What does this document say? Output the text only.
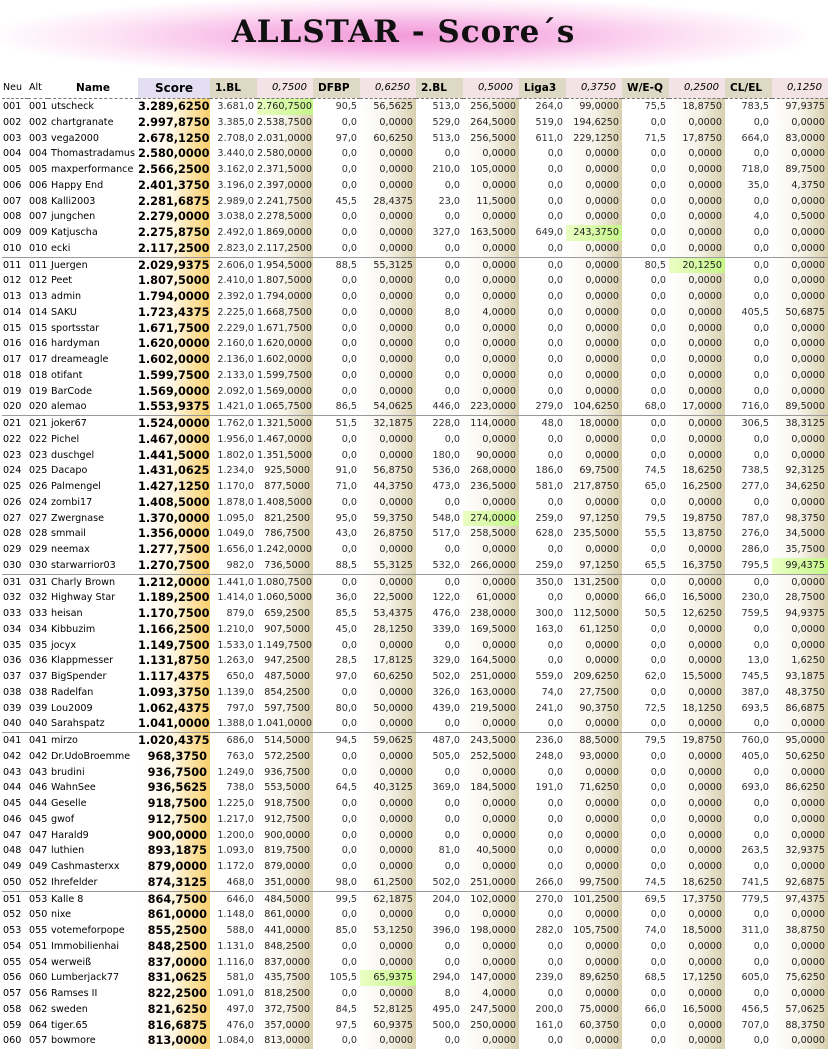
ALLSTAR - Score´s
Neu	Alt	Name	Score	1.BL	0,7500	DFBP	0,6250	2.BL	0,5000	Liga3	0,3750	W/E-Q	0,2500	CL/EL	0,1250
001	001	utscheck	3.289,6250	3.681,0	2.760,7500	90,5	56,5625	513,0	256,5000	264,0	99,0000	75,5	18,8750	783,5	97,9375
002	002	chartgranate	2.997,8750	3.385,0	2.538,7500	0,0	0,0000	529,0	264,5000	519,0	194,6250	0,0	0,0000	0,0	0,0000
003	003	vega2000	2.678,1250	2.708,0	2.031,0000	97,0	60,6250	513,0	256,5000	611,0	229,1250	71,5	17,8750	664,0	83,0000
004	004	Thomastradamus	2.580,0000	3.440,0	2.580,0000	0,0	0,0000	0,0	0,0000	0,0	0,0000	0,0	0,0000	0,0	0,0000
005	005	maxperformance	2.566,2500	3.162,0	2.371,5000	0,0	0,0000	210,0	105,0000	0,0	0,0000	0,0	0,0000	718,0	89,7500
006	006	Happy End	2.401,3750	3.196,0	2.397,0000	0,0	0,0000	0,0	0,0000	0,0	0,0000	0,0	0,0000	35,0	4,3750
007	008	Kalli2003	2.281,6875	2.989,0	2.241,7500	45,5	28,4375	23,0	11,5000	0,0	0,0000	0,0	0,0000	0,0	0,0000
008	007	jungchen	2.279,0000	3.038,0	2.278,5000	0,0	0,0000	0,0	0,0000	0,0	0,0000	0,0	0,0000	4,0	0,5000
009	009	Katjuscha	2.275,8750	2.492,0	1.869,0000	0,0	0,0000	327,0	163,5000	649,0	243,3750	0,0	0,0000	0,0	0,0000
010	010	ecki	2.117,2500	2.823,0	2.117,2500	0,0	0,0000	0,0	0,0000	0,0	0,0000	0,0	0,0000	0,0	0,0000
011	011	Juergen	2.029,9375	2.606,0	1.954,5000	88,5	55,3125	0,0	0,0000	0,0	0,0000	80,5	20,1250	0,0	0,0000
012	012	Peet	1.807,5000	2.410,0	1.807,5000	0,0	0,0000	0,0	0,0000	0,0	0,0000	0,0	0,0000	0,0	0,0000
013	013	admin	1.794,0000	2.392,0	1.794,0000	0,0	0,0000	0,0	0,0000	0,0	0,0000	0,0	0,0000	0,0	0,0000
014	014	SAKU	1.723,4375	2.225,0	1.668,7500	0,0	0,0000	8,0	4,0000	0,0	0,0000	0,0	0,0000	405,5	50,6875
015	015	sportsstar	1.671,7500	2.229,0	1.671,7500	0,0	0,0000	0,0	0,0000	0,0	0,0000	0,0	0,0000	0,0	0,0000
016	016	hardyman	1.620,0000	2.160,0	1.620,0000	0,0	0,0000	0,0	0,0000	0,0	0,0000	0,0	0,0000	0,0	0,0000
017	017	dreameagle	1.602,0000	2.136,0	1.602,0000	0,0	0,0000	0,0	0,0000	0,0	0,0000	0,0	0,0000	0,0	0,0000
018	018	otifant	1.599,7500	2.133,0	1.599,7500	0,0	0,0000	0,0	0,0000	0,0	0,0000	0,0	0,0000	0,0	0,0000
019	019	BarCode	1.569,0000	2.092,0	1.569,0000	0,0	0,0000	0,0	0,0000	0,0	0,0000	0,0	0,0000	0,0	0,0000
020	020	alemao	1.553,9375	1.421,0	1.065,7500	86,5	54,0625	446,0	223,0000	279,0	104,6250	68,0	17,0000	716,0	89,5000
021	021	joker67	1.524,0000	1.762,0	1.321,5000	51,5	32,1875	228,0	114,0000	48,0	18,0000	0,0	0,0000	306,5	38,3125
022	022	Pichel	1.467,0000	1.956,0	1.467,0000	0,0	0,0000	0,0	0,0000	0,0	0,0000	0,0	0,0000	0,0	0,0000
023	023	duschgel	1.441,5000	1.802,0	1.351,5000	0,0	0,0000	180,0	90,0000	0,0	0,0000	0,0	0,0000	0,0	0,0000
024	025	Dacapo	1.431,0625	1.234,0	925,5000	91,0	56,8750	536,0	268,0000	186,0	69,7500	74,5	18,6250	738,5	92,3125
025	026	Palmengel	1.427,1250	1.170,0	877,5000	71,0	44,3750	473,0	236,5000	581,0	217,8750	65,0	16,2500	277,0	34,6250
026	024	zombi17	1.408,5000	1.878,0	1.408,5000	0,0	0,0000	0,0	0,0000	0,0	0,0000	0,0	0,0000	0,0	0,0000
027	027	Zwergnase	1.370,0000	1.095,0	821,2500	95,0	59,3750	548,0	274,0000	259,0	97,1250	79,5	19,8750	787,0	98,3750
028	028	smmail	1.356,0000	1.049,0	786,7500	43,0	26,8750	517,0	258,5000	628,0	235,5000	55,5	13,8750	276,0	34,5000
029	029	neemax	1.277,7500	1.656,0	1.242,0000	0,0	0,0000	0,0	0,0000	0,0	0,0000	0,0	0,0000	286,0	35,7500
030	030	starwarrior03	1.270,7500	982,0	736,5000	88,5	55,3125	532,0	266,0000	259,0	97,1250	65,5	16,3750	795,5	99,4375
031	031	Charly Brown	1.212,0000	1.441,0	1.080,7500	0,0	0,0000	0,0	0,0000	350,0	131,2500	0,0	0,0000	0,0	0,0000
032	032	Highway Star	1.189,2500	1.414,0	1.060,5000	36,0	22,5000	122,0	61,0000	0,0	0,0000	66,0	16,5000	230,0	28,7500
033	033	heisan	1.170,7500	879,0	659,2500	85,5	53,4375	476,0	238,0000	300,0	112,5000	50,5	12,6250	759,5	94,9375
034	034	Kibbuzim	1.166,2500	1.210,0	907,5000	45,0	28,1250	339,0	169,5000	163,0	61,1250	0,0	0,0000	0,0	0,0000
035	035	jocyx	1.149,7500	1.533,0	1.149,7500	0,0	0,0000	0,0	0,0000	0,0	0,0000	0,0	0,0000	0,0	0,0000
036	036	Klappmesser	1.131,8750	1.263,0	947,2500	28,5	17,8125	329,0	164,5000	0,0	0,0000	0,0	0,0000	13,0	1,6250
037	037	BigSpender	1.117,4375	650,0	487,5000	97,0	60,6250	502,0	251,0000	559,0	209,6250	62,0	15,5000	745,5	93,1875
038	038	Radelfan	1.093,3750	1.139,0	854,2500	0,0	0,0000	326,0	163,0000	74,0	27,7500	0,0	0,0000	387,0	48,3750
039	039	Lou2009	1.062,4375	797,0	597,7500	80,0	50,0000	439,0	219,5000	241,0	90,3750	72,5	18,1250	693,5	86,6875
040	040	Sarahspatz	1.041,0000	1.388,0	1.041,0000	0,0	0,0000	0,0	0,0000	0,0	0,0000	0,0	0,0000	0,0	0,0000
041	041	mirzo	1.020,4375	686,0	514,5000	94,5	59,0625	487,0	243,5000	236,0	88,5000	79,5	19,8750	760,0	95,0000
042	042	Dr.UdoBroemme	968,3750	763,0	572,2500	0,0	0,0000	505,0	252,5000	248,0	93,0000	0,0	0,0000	405,0	50,6250
043	043	brudini	936,7500	1.249,0	936,7500	0,0	0,0000	0,0	0,0000	0,0	0,0000	0,0	0,0000	0,0	0,0000
044	046	WahnSee	936,5625	738,0	553,5000	64,5	40,3125	369,0	184,5000	191,0	71,6250	0,0	0,0000	693,0	86,6250
045	044	Geselle	918,7500	1.225,0	918,7500	0,0	0,0000	0,0	0,0000	0,0	0,0000	0,0	0,0000	0,0	0,0000
046	045	gwof	912,7500	1.217,0	912,7500	0,0	0,0000	0,0	0,0000	0,0	0,0000	0,0	0,0000	0,0	0,0000
047	047	Harald9	900,0000	1.200,0	900,0000	0,0	0,0000	0,0	0,0000	0,0	0,0000	0,0	0,0000	0,0	0,0000
048	047	luthien	893,1875	1.093,0	819,7500	0,0	0,0000	81,0	40,5000	0,0	0,0000	0,0	0,0000	263,5	32,9375
049	049	Cashmasterxx	879,0000	1.172,0	879,0000	0,0	0,0000	0,0	0,0000	0,0	0,0000	0,0	0,0000	0,0	0,0000
050	052	Ihrefelder	874,3125	468,0	351,0000	98,0	61,2500	502,0	251,0000	266,0	99,7500	74,5	18,6250	741,5	92,6875
051	053	Kalle 8	864,7500	646,0	484,5000	99,5	62,1875	204,0	102,0000	270,0	101,2500	69,5	17,3750	779,5	97,4375
052	050	nixe	861,0000	1.148,0	861,0000	0,0	0,0000	0,0	0,0000	0,0	0,0000	0,0	0,0000	0,0	0,0000
053	055	votemeforpope	855,2500	588,0	441,0000	85,0	53,1250	396,0	198,0000	282,0	105,7500	74,0	18,5000	311,0	38,8750
054	051	Immobilienhai	848,2500	1.131,0	848,2500	0,0	0,0000	0,0	0,0000	0,0	0,0000	0,0	0,0000	0,0	0,0000
055	054	werweiß	837,0000	1.116,0	837,0000	0,0	0,0000	0,0	0,0000	0,0	0,0000	0,0	0,0000	0,0	0,0000
056	060	Lumberjack77	831,0625	581,0	435,7500	105,5	65,9375	294,0	147,0000	239,0	89,6250	68,5	17,1250	605,0	75,6250
057	056	Ramses II	822,2500	1.091,0	818,2500	0,0	0,0000	8,0	4,0000	0,0	0,0000	0,0	0,0000	0,0	0,0000
058	062	sweden	821,6250	497,0	372,7500	84,5	52,8125	495,0	247,5000	200,0	75,0000	66,0	16,5000	456,5	57,0625
059	064	tiger.65	816,6875	476,0	357,0000	97,5	60,9375	500,0	250,0000	161,0	60,3750	0,0	0,0000	707,0	88,3750
060	057	bowmore	813,0000	1.084,0	813,0000	0,0	0,0000	0,0	0,0000	0,0	0,0000	0,0	0,0000	0,0	0,0000
